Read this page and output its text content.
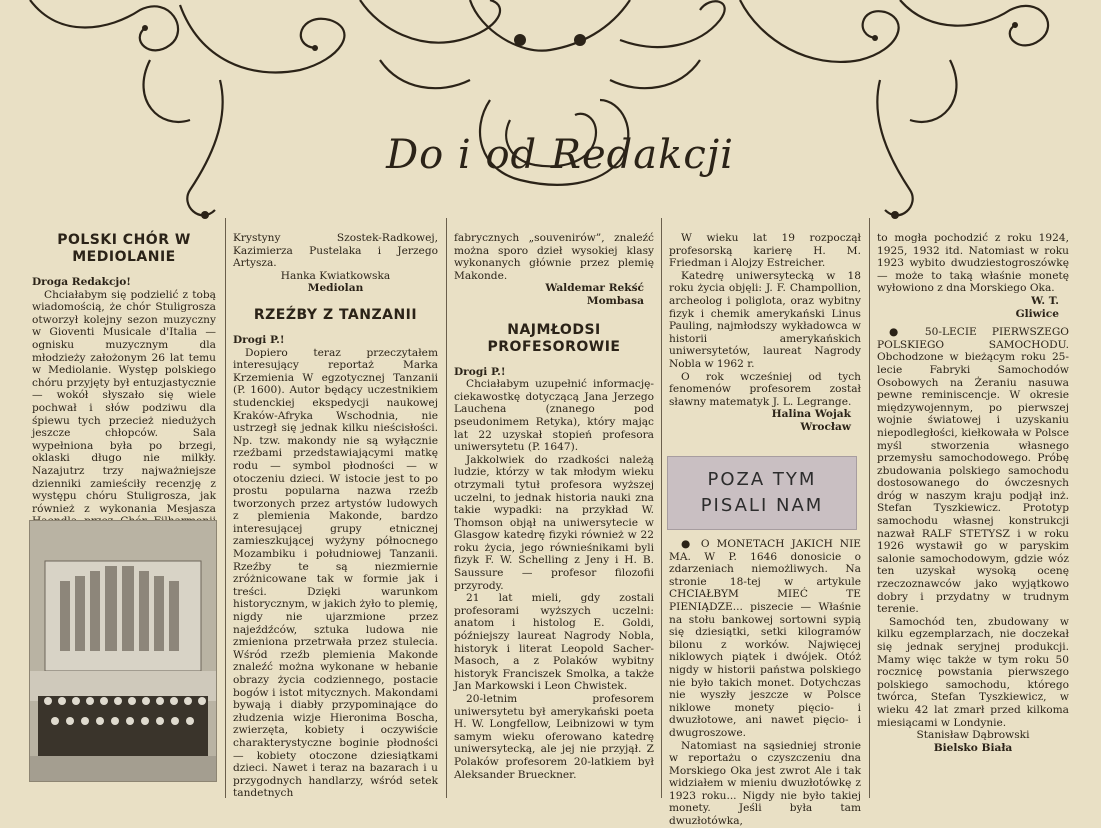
Do i od Redakcji
POLSKI CHÓR W MEDIOLANIE

Droga Redakcjo!

Chciałabym się podzielić z tobą wiadomością, że chór Stuligrosza otworzył kolejny sezon muzyczny w Gioventi Musicale d'Italia — ognisku muzycznym dla młodzieży założonym 26 lat temu w Mediolanie. Występ polskiego chóru przyjęty był entuzjastycznie — wokół słyszało się wiele pochwał i słów podziwu dla śpiewu tych przecież niedużych jeszcze chłopców. Sala wypełniona była po brzegi, oklaski długo nie milkły. Nazajutrz trzy najważniejsze dzienniki zamieściły recenzję z występu chóru Stuligrosza, jak również z wykonania Mesjasza

Krystyny Szostek-Radkowej, Kazimierza Pustelaka i Jerzego Artysza.

Hanka Kwiatkowska

Mediolan

RZEŹBY Z TANZANII

Drogi P.!

Dopiero teraz przeczytałem interesujący reportaż Marka Krzemienia W egzotycznej Tanzanii (P. 1600). Autor będący uczestnikiem studenckiej ekspedycji naukowej Kraków-Afryka Wschodnia, nie ustrzegł się jednak kilku nieścisłości. Np. tzw. makondy nie są wyłącznie rzeźbami przedstawiającymi matkę rodu — symbol płodności — w otoczeniu dzieci. W istocie jest to po prostu popularna nazwa rzeźb tworzonych przez artystów ludowych z plemienia Makonde, bardzo interesującej grupy etnicznej zamieszkującej wyżyny północnego Mozambiku i południowej Tanzanii. Rzeźby te są niezmiernie zróżnicowane tak w formie jak i treści. Dzięki warunkom historycznym, w jakich żyło to plemię, nigdy nie ujarzmione przez najeźdźców, sztuka ludowa nie zmieniona przetrwała przez stulecia. Wśród rzeźb plemienia Makonde znaleźć można wykonane w hebanie obrazy życia codziennego, postacie bogów i istot mitycznych. Makondami bywają i diabły przypominające do złudzenia wizje Hieronima Boscha, zwierzęta, kobiety i oczywiście charakterystyczne boginie płodności — kobiety otoczone dziesiątkami dzieci. Nawet i teraz na bazarach i u przygodnych handlarzy, wśród setek tandetnych

fabrycznych „souvenirów”, znaleźć można sporo dzieł wysokiej klasy wykonanych głównie przez plemię Makonde.

Waldemar Rekść

Mombasa

NAJMŁODSI PROFESOROWIE

Drogi P.!

Chciałabym uzupełnić informację-ciekawostkę dotyczącą Jana Jerzego Lauchena (znanego pod pseudonimem Retyka), który mając lat 22 uzyskał stopień profesora uniwersytetu (P. 1647).

Jakkolwiek do rzadkości należą ludzie, którzy w tak młodym wieku otrzymali tytuł profesora wyższej uczelni, to jednak historia nauki zna takie wypadki: na przykład W. Thomson objął na uniwersytecie w Glasgow katedrę fizyki również w 22 roku życia, jego równieśnikami byli fizyk F. W. Schelling z Jeny i H. B. Saussure — profesor filozofii przyrody.

21 lat mieli, gdy zostali profesorami wyższych uczelni: anatom i histolog E. Goldi, późniejszy laureat Nagrody Nobla, historyk i literat Leopold Sacher-Masoch, a z Polaków wybitny historyk Franciszek Smolka, a także Jan Markowski i Leon Chwistek.

20-letnim profesorem uniwersytetu był amerykański poeta H. W. Longfellow, Leibnizowi w tym samym wieku oferowano katedrę uniwersytecką, ale jej nie przyjął. Z Polaków profesorem 20-latkiem był Aleksander Brueckner.

W wieku lat 19 rozpoczął profesorską karierę H. M. Friedman i Alojzy Estreicher.

Katedrę uniwersytecką w 18 roku życia objęli: J. F. Champollion, archeolog i poliglota, oraz wybitny fizyk i chemik amerykański Linus Pauling, najmłodszy wykładowca w historii amerykańskich uniwersytetów, laureat Nagrody Nobla w 1962 r.

O rok wcześniej od tych fenomenów profesorem został sławny matematyk J. L. Legrange.

Halina Wojak

Wrocław

POZA TYM
PISALI NAM

● O MONETACH JAKICH NIE MA. W P. 1646 donosicie o zdarzeniach niemożliwych. Na stronie 18-tej w artykule CHCIAŁBYM MIEĆ TE PIENIĄDZE... piszecie — Właśnie na stołu bankowej sortowni sypią się dziesiątki, setki kilogramów bilonu z worków. Najwięcej niklowych piątek i dwójek. Otóż nigdy w historii państwa polskiego nie było takich monet. Dotychczas nie wyszły jeszcze w Polsce niklowe monety pięcio- i dwuzłotowe, ani nawet pięcio- i dwugroszowe.

Natomiast na sąsiedniej stronie w reportażu o czyszczeniu dna Morskiego Oka jest zwrot Ale i tak widziałem w mieniu dwuzłotówkę z 1923 roku... Nigdy nie było takiej monety. Jeśli była tam dwuzłotówka,

to mogła pochodzić z roku 1924, 1925, 1932 itd. Natomiast w roku 1923 wybito dwudziestogroszówkę — może to taką właśnie monetę wyłowiono z dna Morskiego Oka.

W. T.

Gliwice

● 50-LECIE PIERWSZEGO POLSKIEGO SAMOCHODU. Obchodzone w bieżącym roku 25-lecie Fabryki Samochodów Osobowych na Żeraniu nasuwa pewne reminiscencje. W okresie międzywojennym, po pierwszej wojnie światowej i uzyskaniu niepodległości, kiełkowała w Polsce myśl stworzenia własnego przemysłu samochodowego. Próbę zbudowania polskiego samochodu dostosowanego do ówczesnych dróg w naszym kraju podjął inż. Stefan Tyszkiewicz. Prototyp samochodu własnej konstrukcji nazwał RALF STETYSZ i w roku 1926 wystawił go w paryskim salonie samochodowym, gdzie wóz ten uzyskał wysoką ocenę rzeczoznawców jako wyjątkowo dobry i przydatny w trudnym terenie.

Samochód ten, zbudowany w kilku egzemplarzach, nie doczekał się jednak seryjnej produkcji. Mamy więc także w tym roku 50 rocznicę powstania pierwszego polskiego samochodu, którego twórca, Stefan Tyszkiewicz, w wieku 42 lat zmarł przed kilkoma miesiącami w Londynie.

Stanisław Dąbrowski

Bielsko Biała
